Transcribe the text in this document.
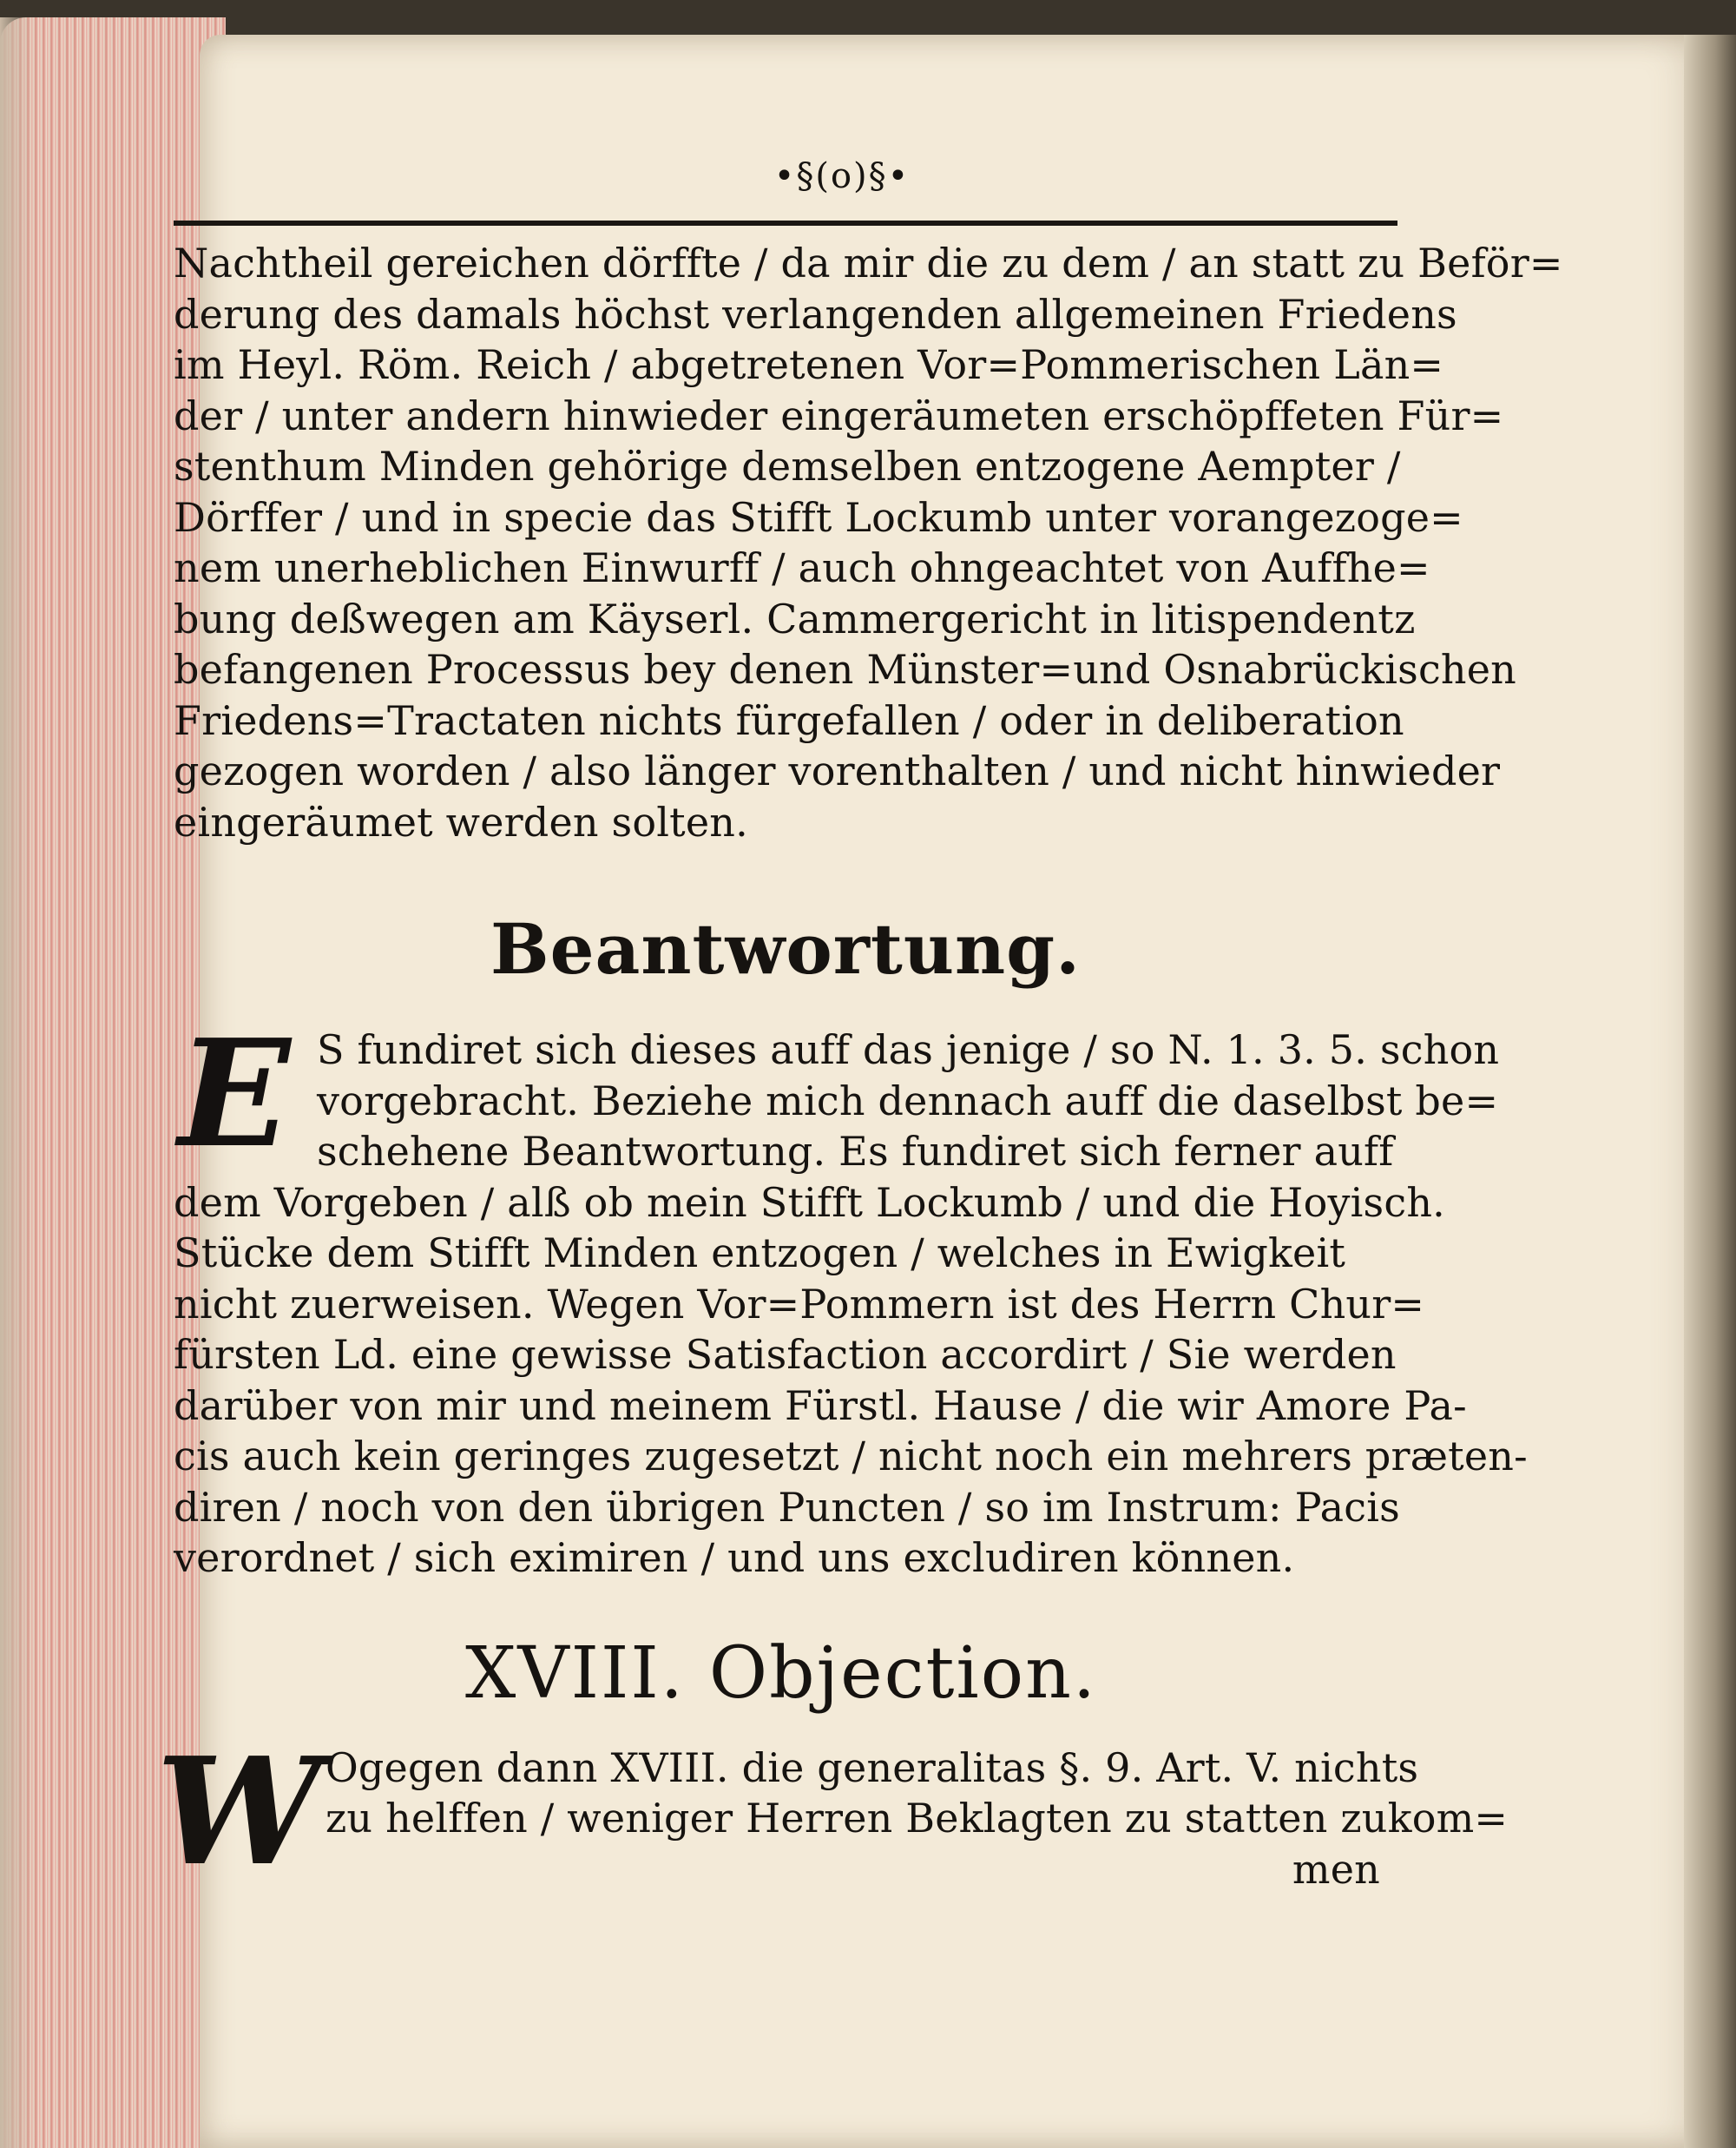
•§(o)§•
Nachtheil gereichen dörffte / da mir die zu dem / an statt zu Beför=
derung des damals höchst verlangenden allgemeinen Friedens
im Heyl. Röm. Reich / abgetretenen Vor=Pommerischen Län=
der / unter andern hinwieder eingeräumeten erschöpffeten Für=
stenthum Minden gehörige demselben entzogene Aempter /
Dörffer / und in specie das Stifft Lockumb unter vorangezoge=
nem unerheblichen Einwurff / auch ohngeachtet von Auffhe=
bung deßwegen am Käyserl. Cammergericht in litispendentz
befangenen Processus bey denen Münster=und Osnabrückischen
Friedens=Tractaten nichts fürgefallen / oder in deliberation
gezogen worden / also länger vorenthalten / und nicht hinwieder
eingeräumet werden solten.
Beantwortung.
E S fundiret sich dieses auff das jenige / so N. 1. 3. 5. schon
vorgebracht. Beziehe mich dennach auff die daselbst be=
schehene Beantwortung. Es fundiret sich ferner auff
dem Vorgeben / alß ob mein Stifft Lockumb / und die Hoyisch.
Stücke dem Stifft Minden entzogen / welches in Ewigkeit
nicht zuerweisen. Wegen Vor=Pommern ist des Herrn Chur=
fürsten Ld. eine gewisse Satisfaction accordirt / Sie werden
darüber von mir und meinem Fürstl. Hause / die wir Amore Pa-
cis auch kein geringes zugesetzt / nicht noch ein mehrers præten-
diren / noch von den übrigen Puncten / so im Instrum: Pacis
verordnet / sich eximiren / und uns excludiren können.
XVIII. Objection.
W Ogegen dann XVIII. die generalitas §. 9. Art. V. nichts
zu helffen / weniger Herren Beklagten zu statten zukom=
men
